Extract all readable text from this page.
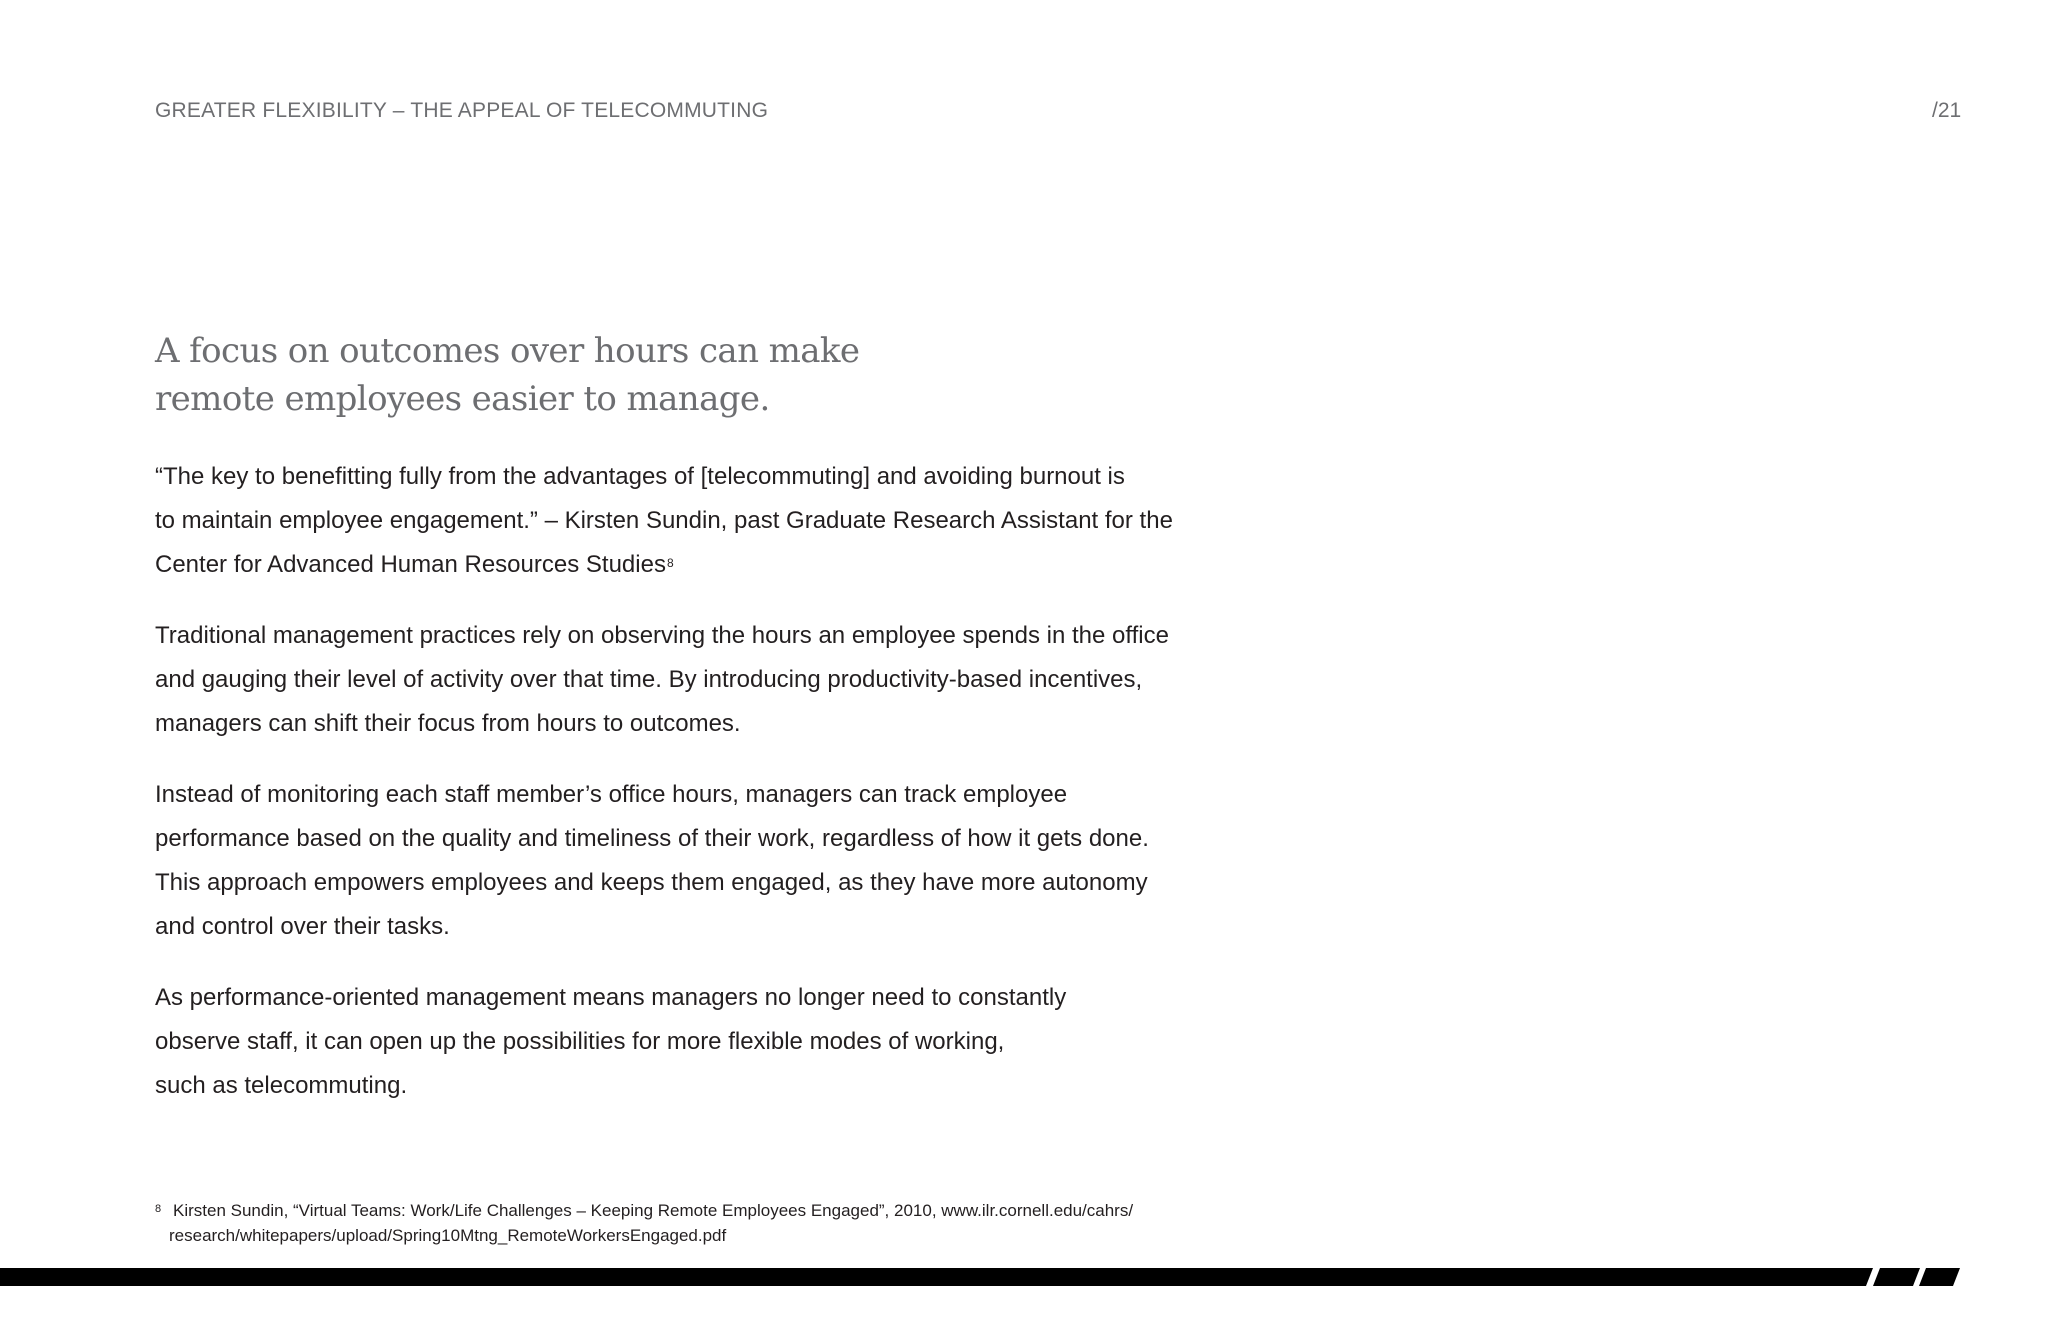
GREATER FLEXIBILITY – THE APPEAL OF TELECOMMUTING	/21
A focus on outcomes over hours can make
remote employees easier to manage.

“The key to benefitting fully from the advantages of [telecommuting] and avoiding burnout is
to maintain employee engagement.” – Kirsten Sundin, past Graduate Research Assistant for the
Center for Advanced Human Resources Studies$^8$

Traditional management practices rely on observing the hours an employee spends in the office
and gauging their level of activity over that time. By introducing productivity-based incentives,
managers can shift their focus from hours to outcomes.

Instead of monitoring each staff member’s office hours, managers can track employee
performance based on the quality and timeliness of their work, regardless of how it gets done.
This approach empowers employees and keeps them engaged, as they have more autonomy
and control over their tasks.

As performance-oriented management means managers no longer need to constantly
observe staff, it can open up the possibilities for more flexible modes of working,
such as telecommuting.

8 Kirsten Sundin, “Virtual Teams: Work/Life Challenges – Keeping Remote Employees Engaged”, 2010, www.ilr.cornell.edu/cahrs/
research/whitepapers/upload/Spring10Mtng_RemoteWorkersEngaged.pdf
